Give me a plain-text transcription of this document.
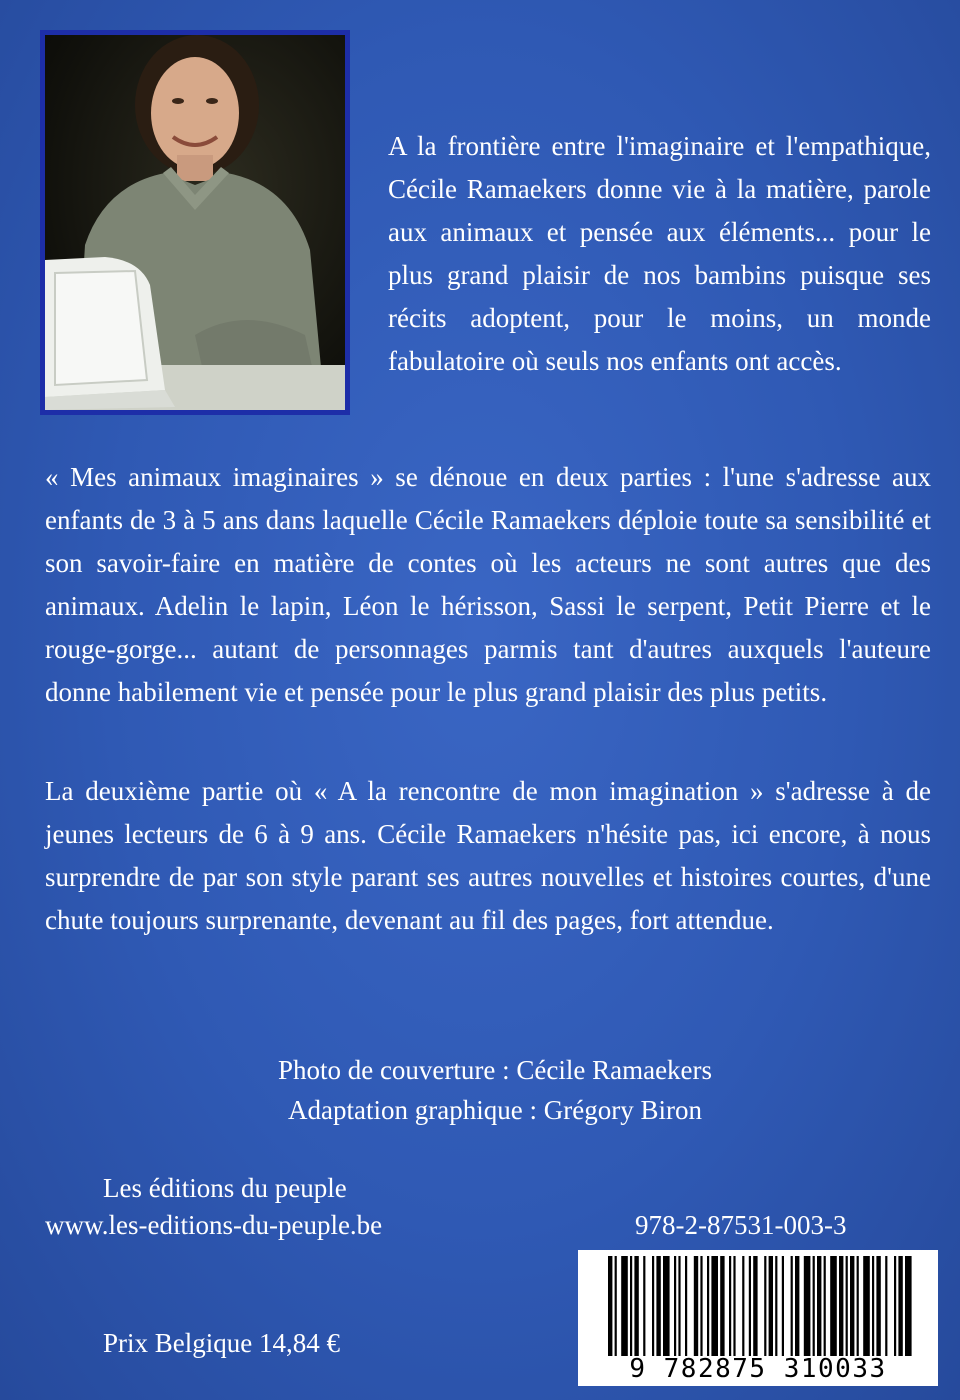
A la frontière entre l'imaginaire et l'empathique, Cécile Ramaekers donne vie à la matière, parole aux animaux et pensée aux éléments... pour le plus grand plaisir de nos bambins puisque ses récits adoptent, pour le moins, un monde fabulatoire où seuls nos enfants ont accès.

« Mes animaux imaginaires » se dénoue en deux parties : l'une s'adresse aux enfants de 3 à 5 ans dans laquelle Cécile Ramaekers déploie toute sa sensibilité et son savoir-faire en matière de contes où les acteurs ne sont autres que des animaux. Adelin le lapin, Léon le hérisson, Sassi le serpent, Petit Pierre et le rouge-gorge... autant de personnages parmis tant d'autres auxquels l'auteure donne habilement vie et pensée pour le plus grand plaisir des plus petits.

La deuxième partie où « A la rencontre de mon imagination » s'adresse à de jeunes lecteurs de 6 à 9 ans. Cécile Ramaekers n'hésite pas, ici encore, à nous surprendre de par son style parant ses autres nouvelles et histoires courtes, d'une chute toujours surprenante, devenant au fil des pages, fort attendue.

Photo de couverture : Cécile Ramaekers
Adaptation graphique : Grégory Biron
Les éditions du peuple
www.les-editions-du-peuple.be	978-2-87531-003-3
9 782875 310033
Prix Belgique 14,84 €
